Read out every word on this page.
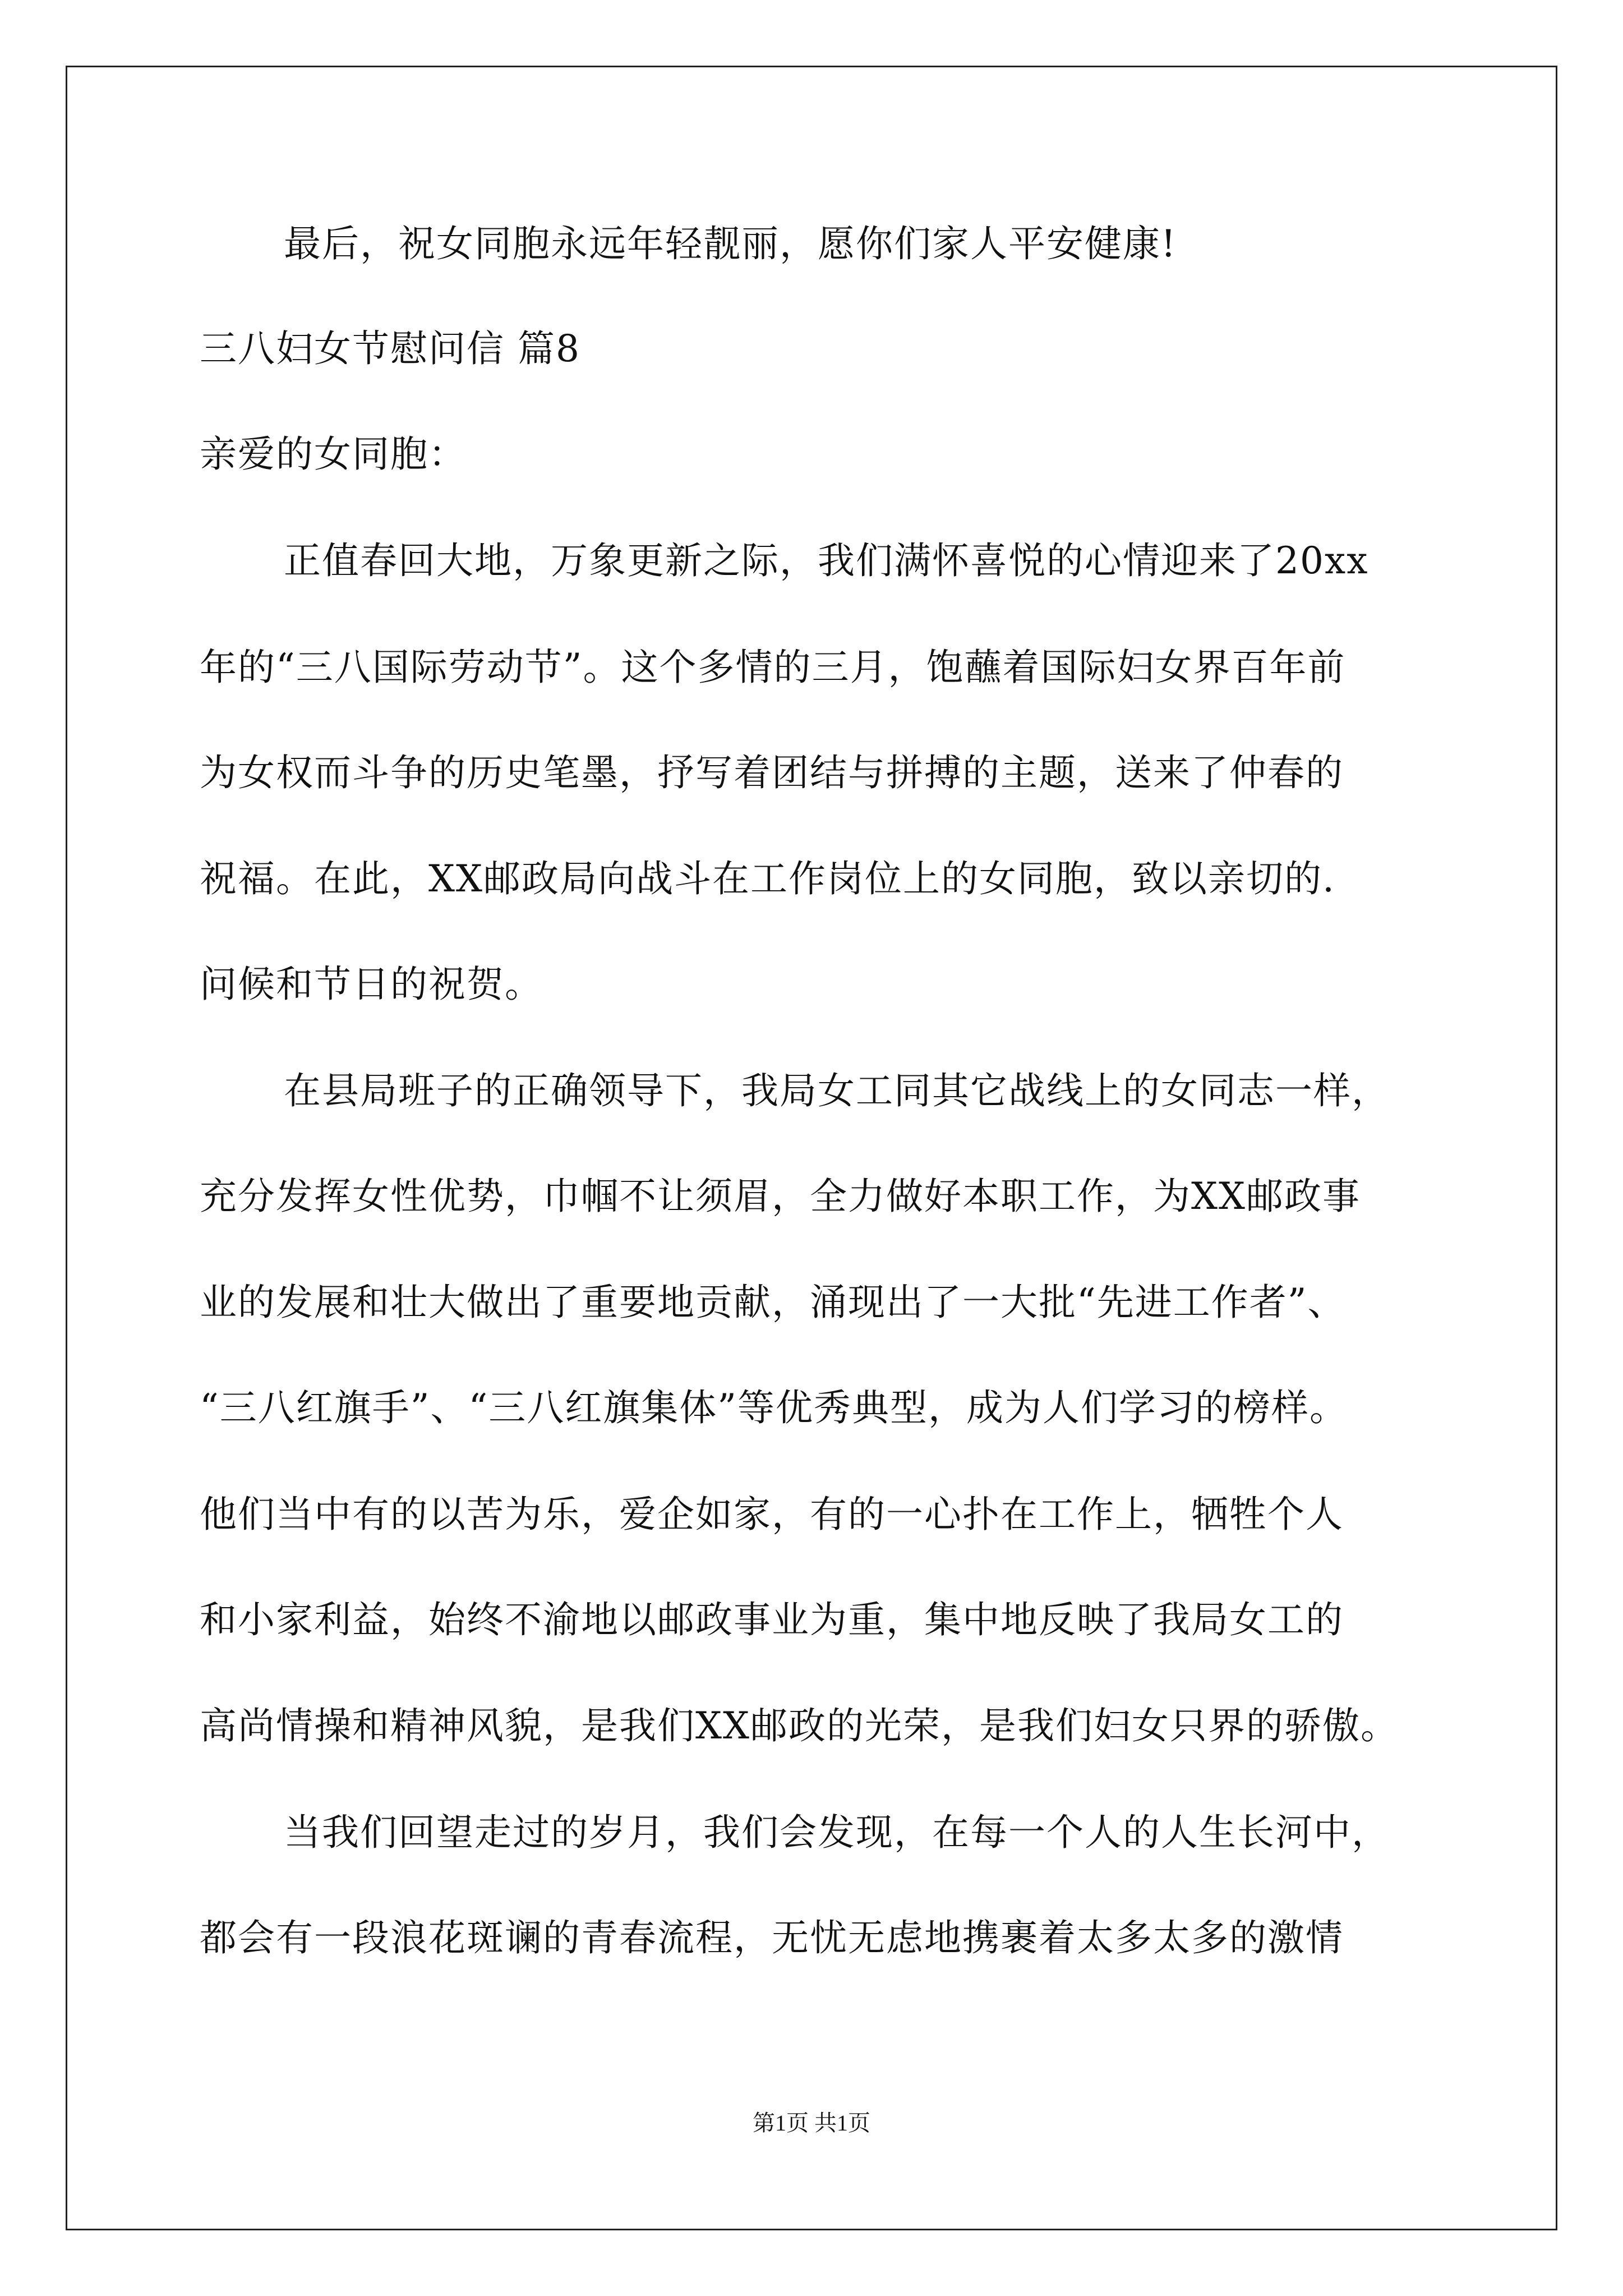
最后，祝女同胞永远年轻靓丽，愿你们家人平安健康!
三八妇女节慰问信 篇8
亲爱的女同胞：
正值春回大地，万象更新之际，我们满怀喜悦的心情迎来了20xx
年的“三八国际劳动节”。这个多情的三月，饱蘸着国际妇女界百年前
为女权而斗争的历史笔墨，抒写着团结与拼搏的主题，送来了仲春的
祝福。在此，XX邮政局向战斗在工作岗位上的女同胞，致以亲切的.
问候和节日的祝贺。
在县局班子的正确领导下，我局女工同其它战线上的女同志一样，
充分发挥女性优势，巾帼不让须眉，全力做好本职工作，为XX邮政事
业的发展和壮大做出了重要地贡献，涌现出了一大批“先进工作者”、
“三八红旗手”、“三八红旗集体”等优秀典型，成为人们学习的榜样。
他们当中有的以苦为乐，爱企如家，有的一心扑在工作上，牺牲个人
和小家利益，始终不渝地以邮政事业为重，集中地反映了我局女工的
高尚情操和精神风貌，是我们XX邮政的光荣，是我们妇女只界的骄傲。
当我们回望走过的岁月，我们会发现，在每一个人的人生长河中，
都会有一段浪花斑谰的青春流程，无忧无虑地携裹着太多太多的激情
第1页 共1页
